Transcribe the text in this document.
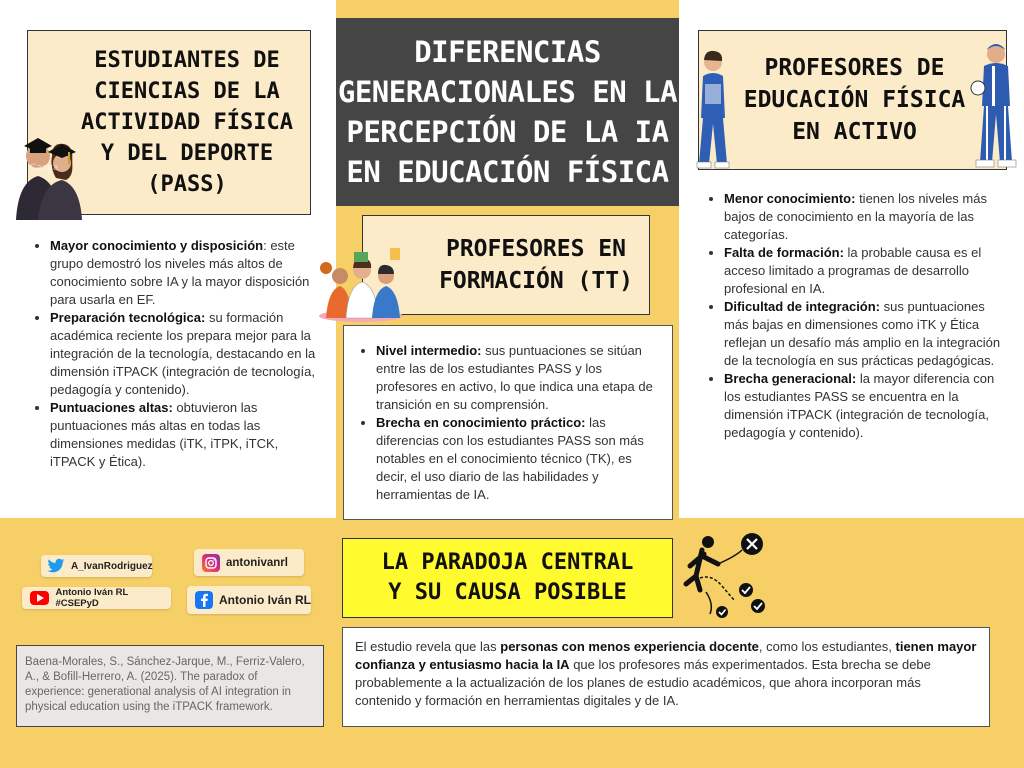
DIFERENCIAS GENERACIONALES EN LA PERCEPCIÓN DE LA IA EN EDUCACIÓN FÍSICA
ESTUDIANTES DE CIENCIAS DE LA ACTIVIDAD FÍSICA Y DEL DEPORTE (PASS)
Canva
• Mayor conocimiento y disposición: este grupo demostró los niveles más altos de conocimiento sobre IA y la mayor disposición para usarla en EF.
• Preparación tecnológica: su formación académica reciente los prepara mejor para la integración de la tecnología, destacando en la dimensión iTPACK (integración de tecnología, pedagogía y contenido).
• Puntuaciones altas: obtuvieron las puntuaciones más altas en todas las dimensiones medidas (iTK, iTPK, iTCK, iTPACK y Ética).
PROFESORES EN FORMACIÓN (TT)
• Nivel intermedio: sus puntuaciones se sitúan entre las de los estudiantes PASS y los profesores en activo, lo que indica una etapa de transición en su comprensión.
• Brecha en conocimiento práctico: las diferencias con los estudiantes PASS son más notables en el conocimiento técnico (TK), es decir, el uso diario de las habilidades y herramientas de IA.
PROFESORES DE EDUCACIÓN FÍSICA EN ACTIVO
• Menor conocimiento: tienen los niveles más bajos de conocimiento en la mayoría de las categorías.
• Falta de formación: la probable causa es el acceso limitado a programas de desarrollo profesional en IA.
• Dificultad de integración: sus puntuaciones más bajas en dimensiones como iTK y Ética reflejan un desafío más amplio en la integración de la tecnología en sus prácticas pedagógicas.
• Brecha generacional: la mayor diferencia con los estudiantes PASS se encuentra en la dimensión iTPACK (integración de tecnología, pedagogía y contenido).
A_IvanRodriguez	antonivanrl
Antonio Iván RL #CSEPyD	Antonio Iván RL
Baena-Morales, S., Sánchez-Jarque, M., Ferriz-Valero, A., & Bofill-Herrero, A. (2025). The paradox of experience: generational analysis of AI integration in physical education using the iTPACK framework.
LA PARADOJA CENTRAL Y SU CAUSA POSIBLE
El estudio revela que las personas con menos experiencia docente, como los estudiantes, tienen mayor confianza y entusiasmo hacia la IA que los profesores más experimentados. Esta brecha se debe probablemente a la actualización de los planes de estudio académicos, que ahora incorporan más contenido y formación en herramientas digitales y de IA.
